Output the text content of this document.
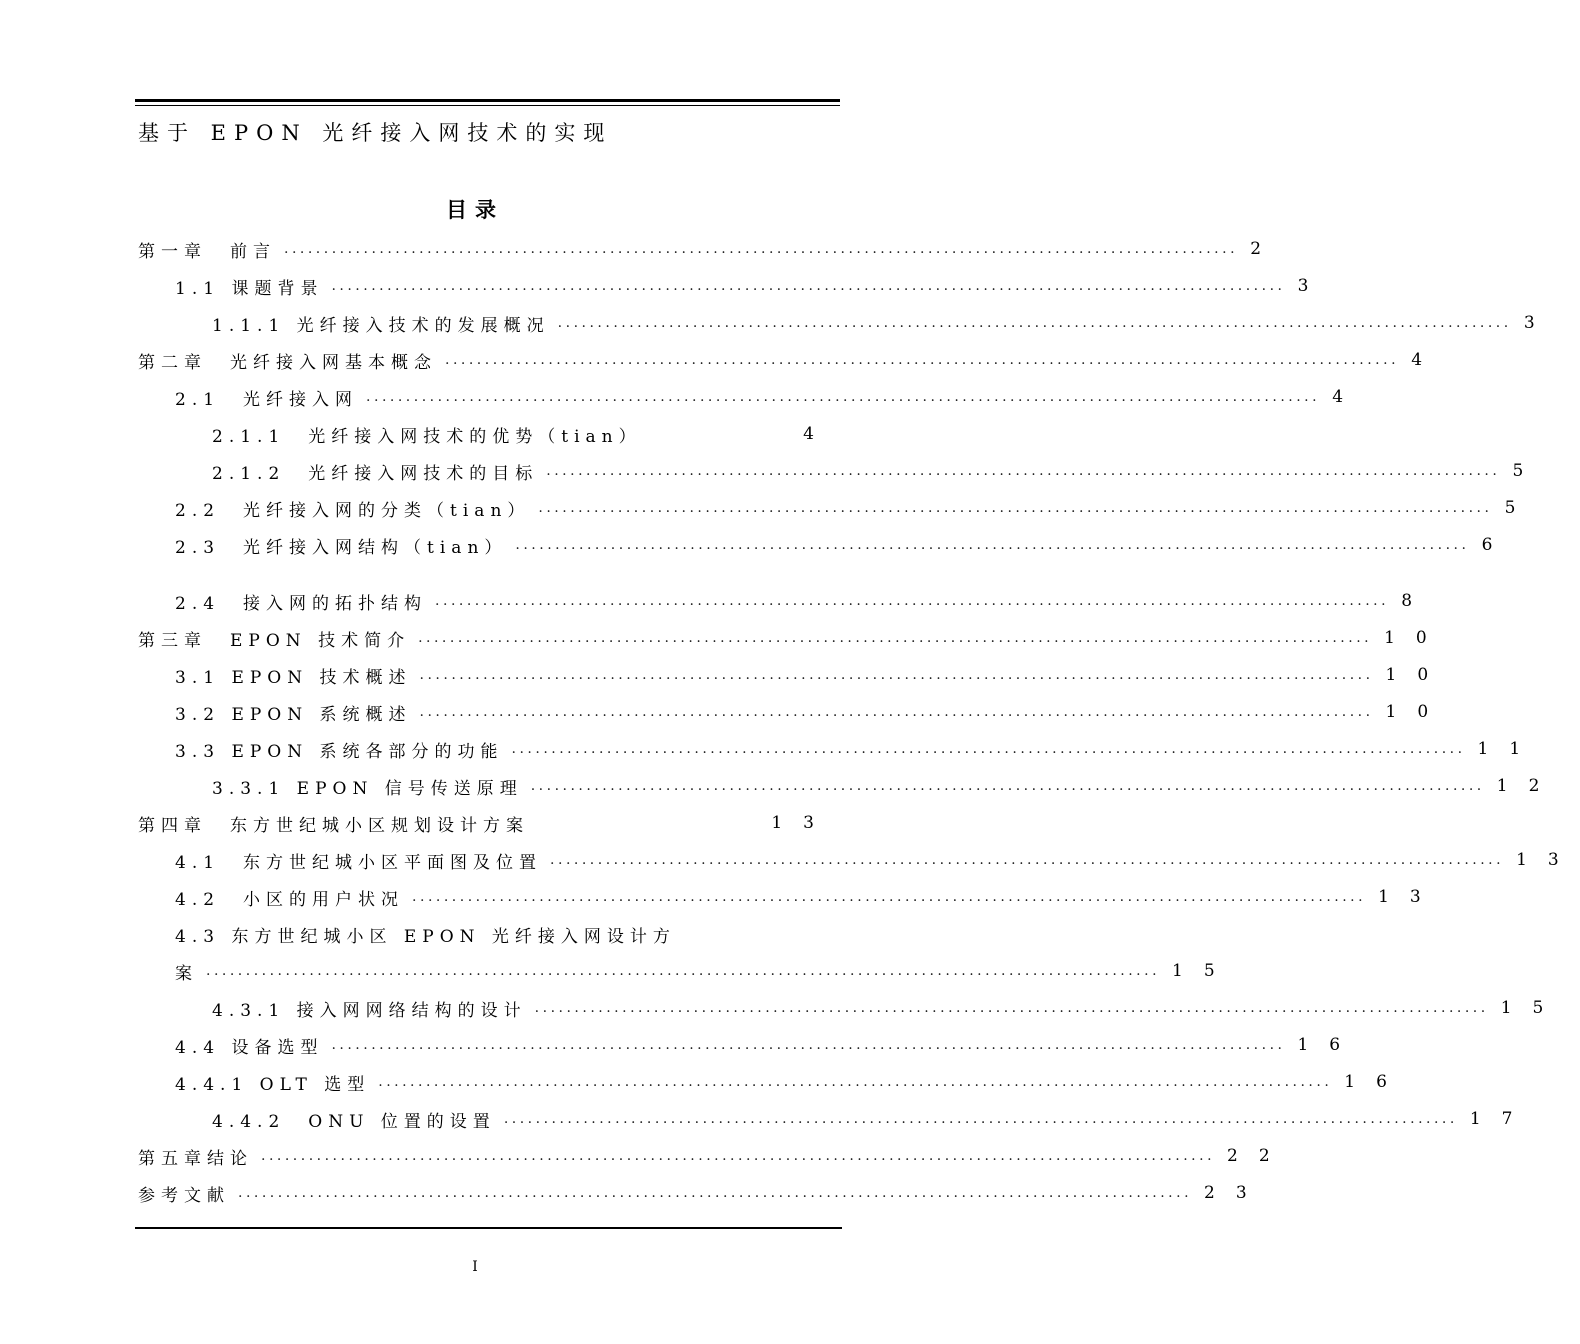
基于 EPON 光纤接入网技术的实现
目录
第一章　前言 ........................................................................................................................ 2
1.1 课题背景 ........................................................................................................................ 3
1.1.1 光纤接入技术的发展概况 ........................................................................................................................ 3
第二章　光纤接入网基本概念 ........................................................................................................................ 4
2.1　光纤接入网 ........................................................................................................................ 4
2.1.1　光纤接入网技术的优势（tian）	4
2.1.2　光纤接入网技术的目标 ........................................................................................................................ 5
2.2　光纤接入网的分类（tian） ........................................................................................................................ 5
2.3　光纤接入网结构（tian） ........................................................................................................................ 6
2.4　接入网的拓扑结构 ........................................................................................................................ 8
第三章　EPON 技术简介 ........................................................................................................................ 10
3.1 EPON 技术概述 ........................................................................................................................ 10
3.2 EPON 系统概述 ........................................................................................................................ 10
3.3 EPON 系统各部分的功能 ........................................................................................................................ 11
3.3.1 EPON 信号传送原理 ........................................................................................................................ 12
第四章　东方世纪城小区规划设计方案	13
4.1　东方世纪城小区平面图及位置 ........................................................................................................................ 13
4.2　小区的用户状况 ........................................................................................................................ 13
4.3 东方世纪城小区 EPON 光纤接入网设计方
案 ........................................................................................................................ 15
4.3.1 接入网网络结构的设计 ........................................................................................................................ 15
4.4 设备选型 ........................................................................................................................ 16
4.4.1 OLT 选型 ........................................................................................................................ 16
4.4.2　ONU 位置的设置 ........................................................................................................................ 17
第五章结论 ........................................................................................................................ 22
参考文献 ........................................................................................................................ 23
I
